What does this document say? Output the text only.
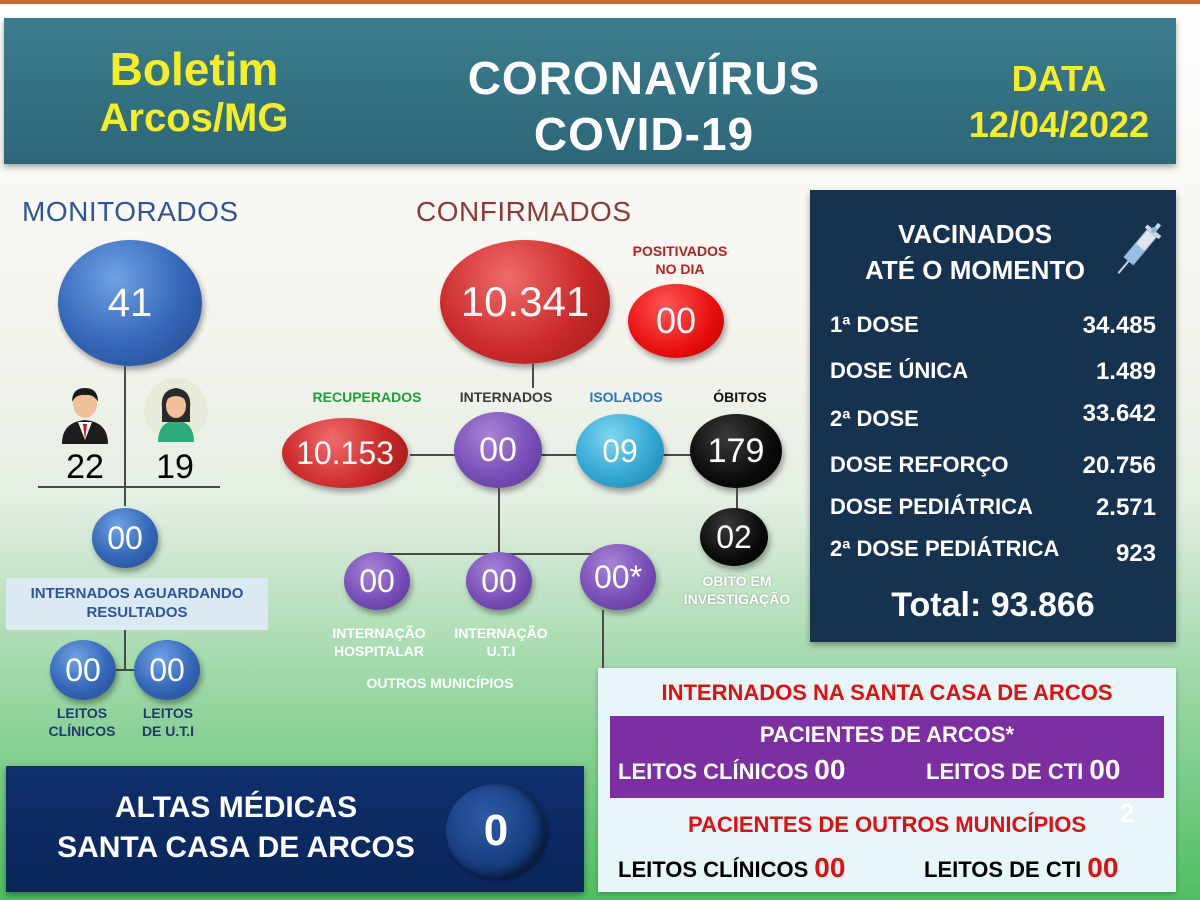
Boletim
Arcos/MG
CORONAVÍRUS
COVID-19
DATA
12/04/2022
MONITORADOS
41
22 19
00
INTERNADOS AGUARDANDO RESULTADOS
00	00
LEITOS
CLÍNICOS
LEITOS
DE U.T.I
CONFIRMADOS
10.341
POSITIVADOS
NO DIA
00
RECUPERADOS	INTERNADOS	ISOLADOS	ÓBITOS
10.153	00	09	179
02
ÓBITO EM
INVESTIGAÇÃO
00	00	00*
INTERNAÇÃO
HOSPITALAR
INTERNAÇÃO
U.T.I
OUTROS MUNICÍPIOS
VACINADOS
ATÉ O MOMENTO
1ª DOSE	34.485
DOSE ÚNICA	1.489
2ª DOSE	33.642
DOSE REFORÇO	20.756
DOSE PEDIÁTRICA	2.571
2ª DOSE PEDIÁTRICA 923
Total: 93.866
INTERNADOS NA SANTA CASA DE ARCOS
PACIENTES DE ARCOS*
LEITOS CLÍNICOS 00	LEITOS DE CTI 00
PACIENTES DE OUTROS MUNICÍPIOS	2
LEITOS CLÍNICOS 00	LEITOS DE CTI 00
ALTAS MÉDICAS
SANTA CASA DE ARCOS	0
